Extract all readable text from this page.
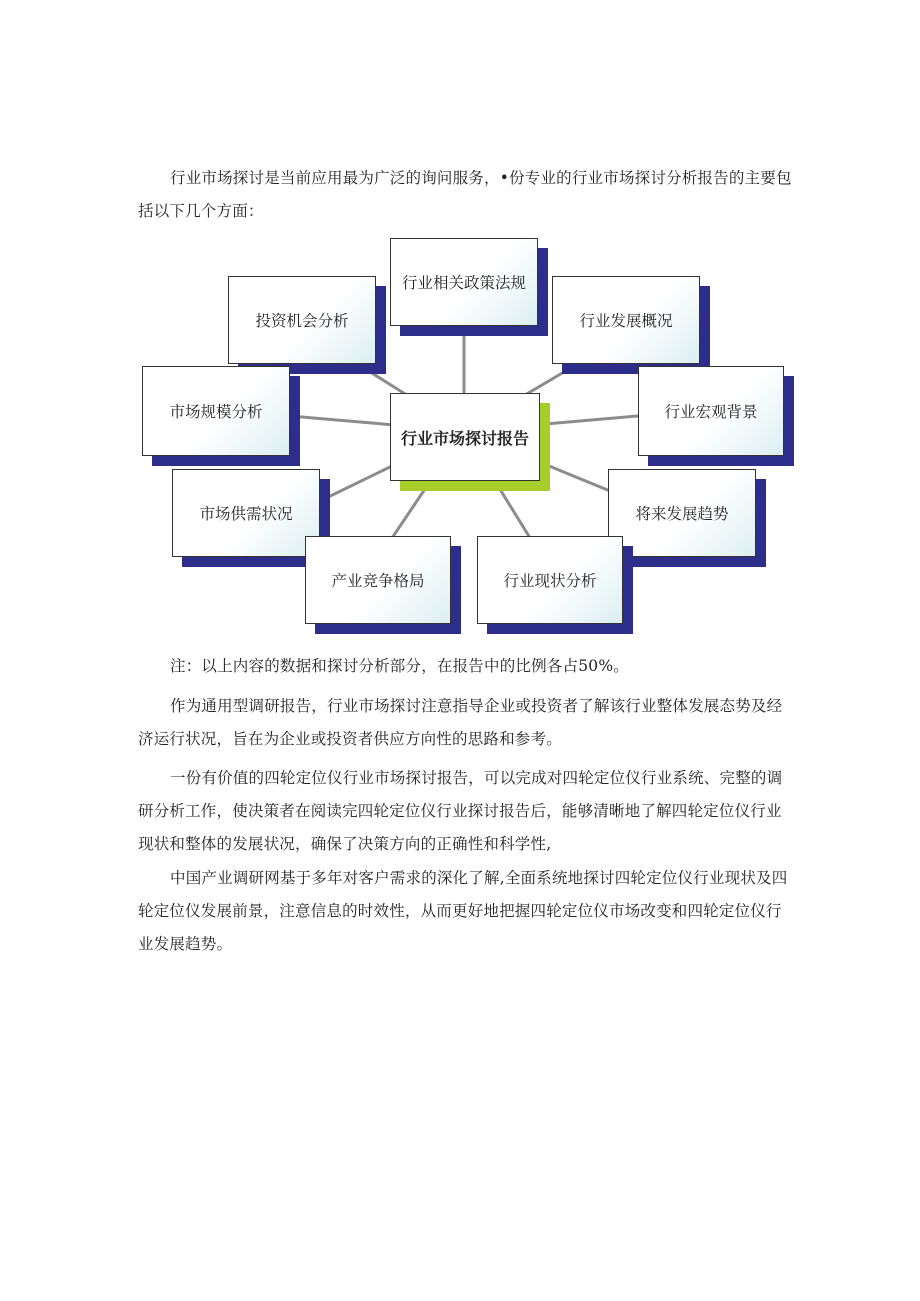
行业市场探讨是当前应用最为广泛的询问服务，•份专业的行业市场探讨分析报告的主要包括以下几个方面：

行业相关政策法规
投资机会分析	行业发展概况
市场规模分析	行业宏观背景
行业市场探讨报告
市场供需状况	将来发展趋势
产业竞争格局	行业现状分析

注：以上内容的数据和探讨分析部分，在报告中的比例各占50%。

作为通用型调研报告，行业市场探讨注意指导企业或投资者了解该行业整体发展态势及经济运行状况，旨在为企业或投资者供应方向性的思路和参考。

一份有价值的四轮定位仪行业市场探讨报告，可以完成对四轮定位仪行业系统、完整的调研分析工作，使决策者在阅读完四轮定位仪行业探讨报告后，能够清晰地了解四轮定位仪行业现状和整体的发展状况，确保了决策方向的正确性和科学性,

中国产业调研网基于多年对客户需求的深化了解,全面系统地探讨四轮定位仪行业现状及四轮定位仪发展前景，注意信息的时效性，从而更好地把握四轮定位仪市场改变和四轮定位仪行业发展趋势。
